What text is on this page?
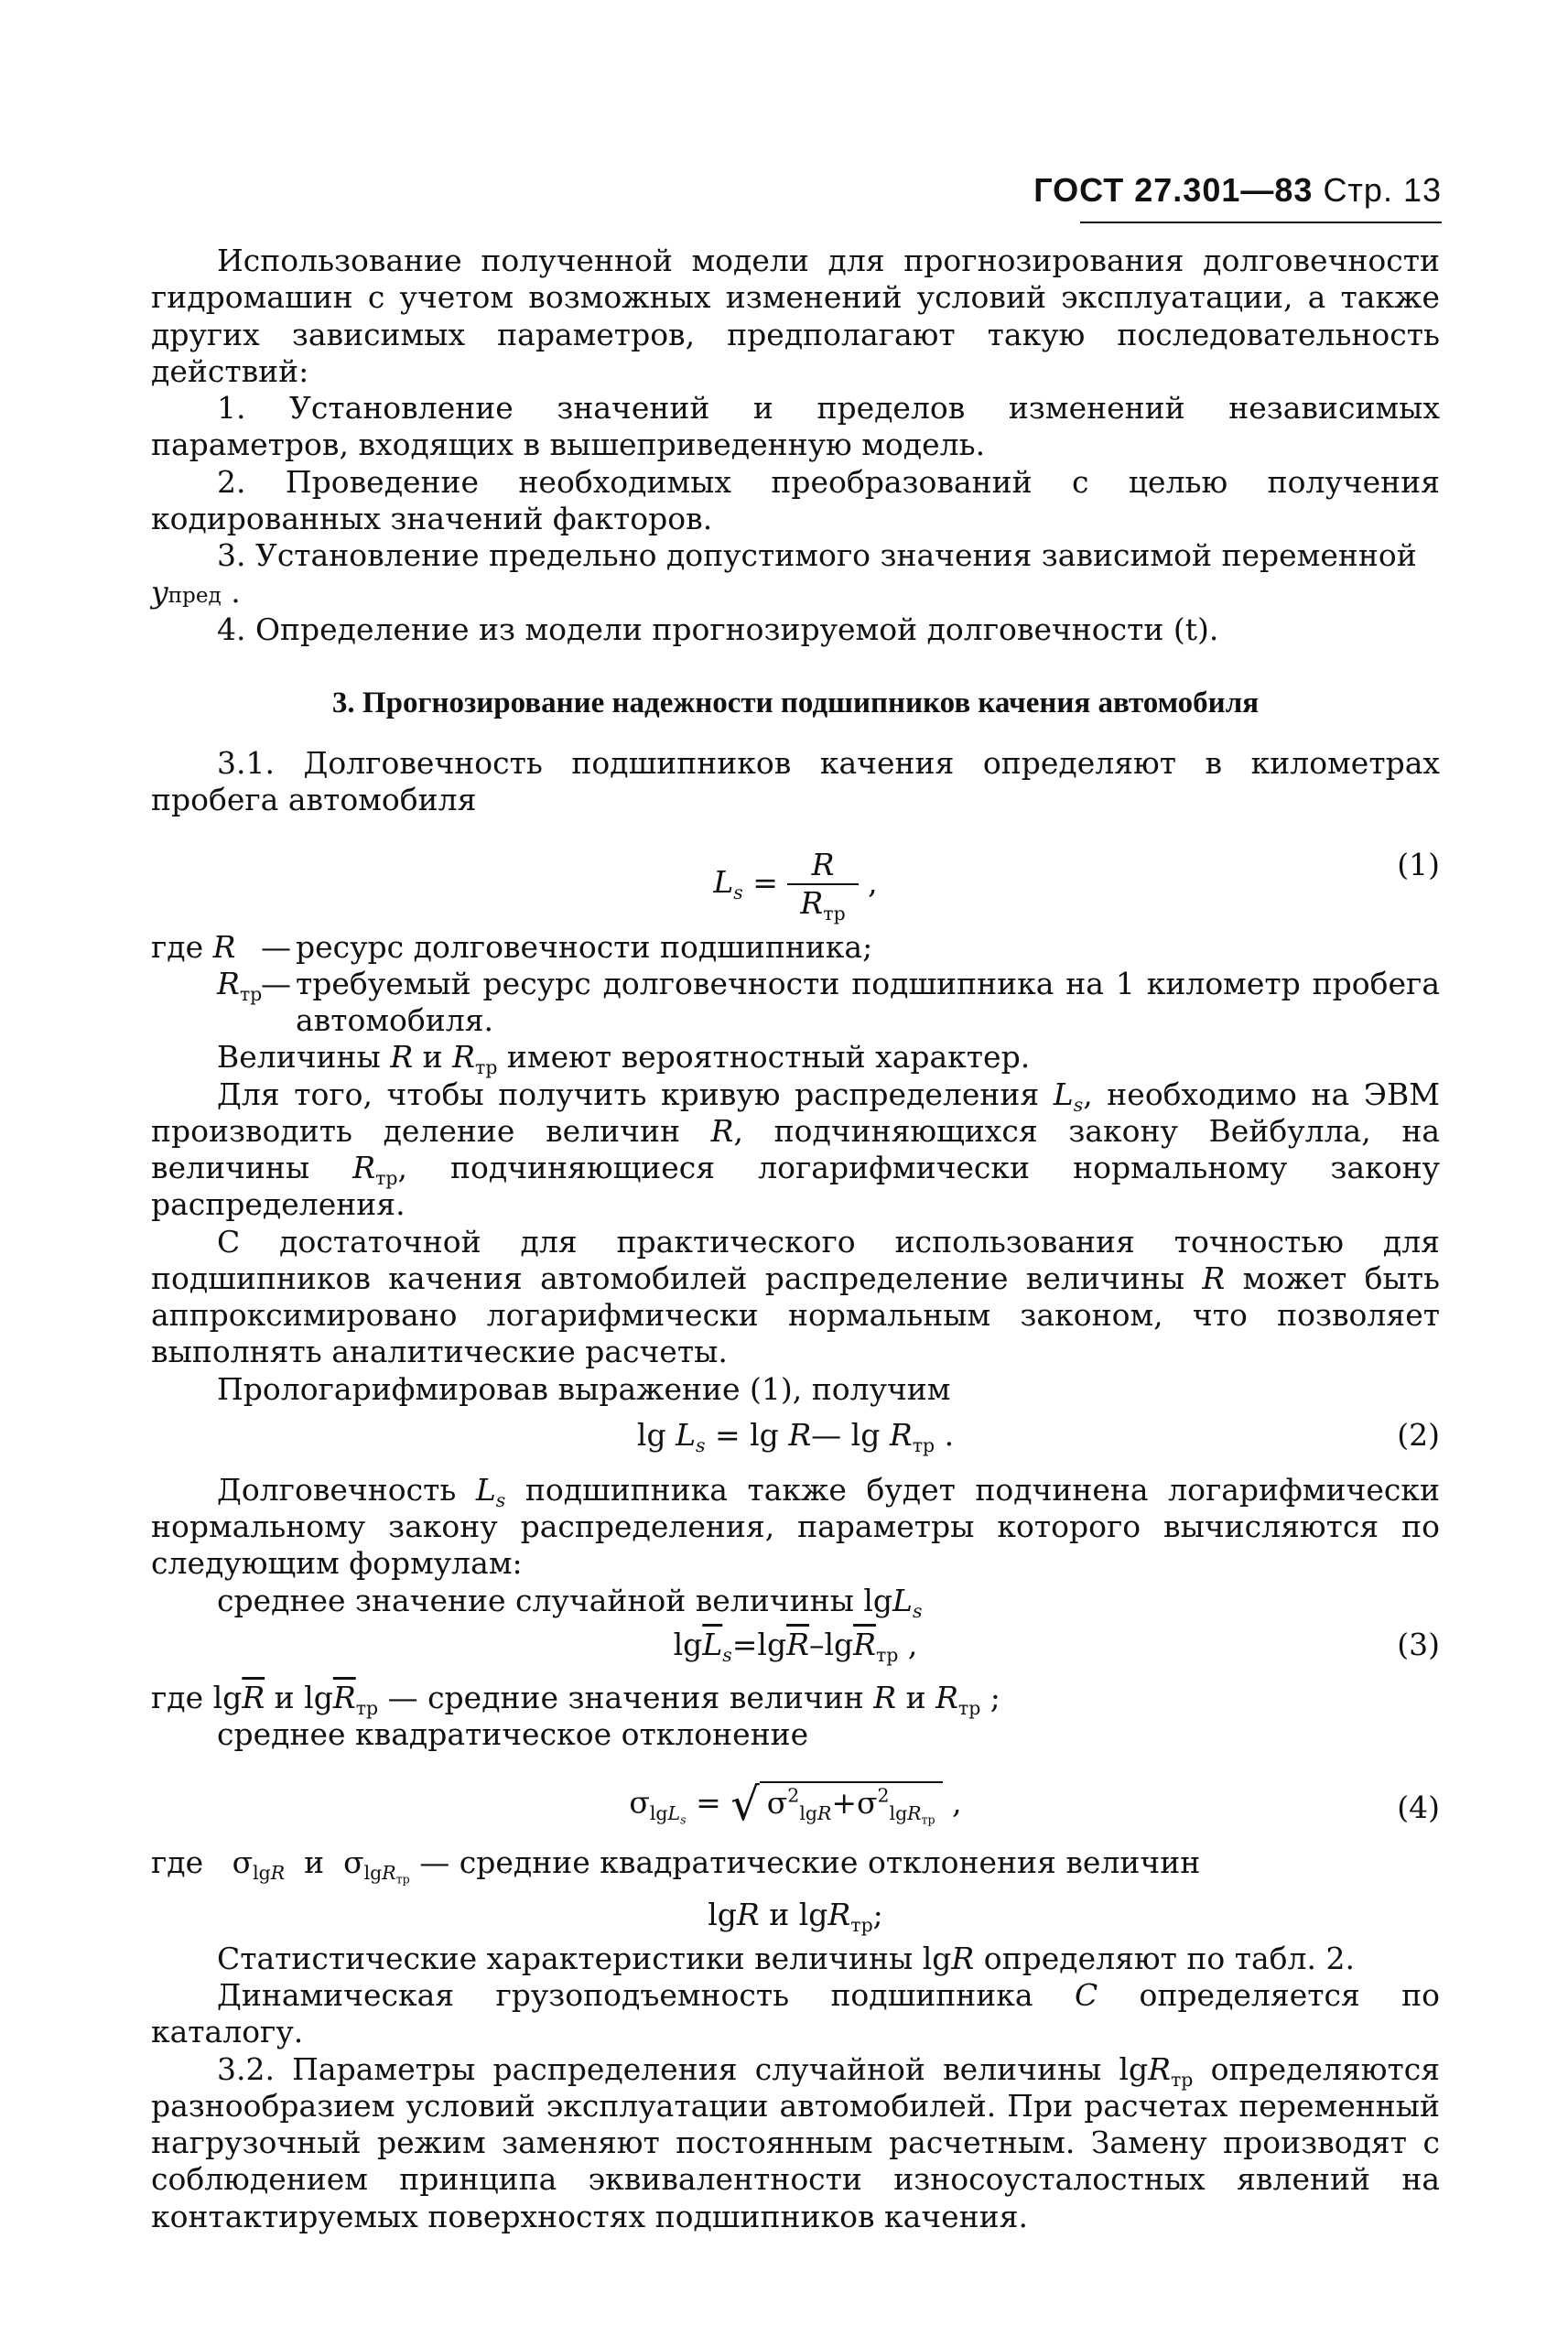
ГОСТ 27.301—83 Стр. 13

Использование полученной модели для прогнозирования долговечности гидромашин с учетом возможных изменений условий эксплуатации, а также других зависимых параметров, предполагают такую последовательность действий:

1. Установление значений и пределов изменений независимых параметров, входящих в вышеприведенную модель.

2. Проведение необходимых преобразований с целью получения кодированных значений факторов.

3. Установление предельно допустимого значения зависимой переменной

yпред .

4. Определение из модели прогнозируемой долговечности (t).

3. Прогнозирование надежности подшипников качения автомобиля

3.1. Долговечность подшипников качения определяют в километрах пробега автомобиля

$L_s = \frac{R}{R_{тр}}$ ,	(1)
где R — ресурс долговечности подшипника;
$R_{тр}$
— требуемый ресурс долговечности подшипника на 1 километр пробега автомобиля.

Величины R и $R_{тр}$ имеют вероятностный характер.

Для того, чтобы получить кривую распределения $L_s$, необходимо на ЭВМ производить деление величин R, подчиняющихся закону Вейбулла, на величины $R_{тр}$, подчиняющиеся логарифмически нормальному закону распределения.

С достаточной для практического использования точностью для подшипников качения автомобилей распределение величины R может быть аппроксимировано логарифмически нормальным законом, что позволяет выполнять аналитические расчеты.

Прологарифмировав выражение (1), получим

$\lg L_s = \lg$ R— $\lg R_{тр}$ .	(2)

Долговечность $L_s$ подшипника также будет подчинена логарифмически нормальному закону распределения, параметры которого вычисляются по следующим формулам:

среднее значение случайной величины lgL$_s$

$\lg\overline{L}_s=\lg\overline{R}-\lg\overline{R}_{тр}$ ,	(3)

где $\lg\overline{R} и$ $\lg\overline{R}_{тр}$ — средние значения величин R и $R_{тр}$ ;

среднее квадратическое отклонение

$\sigma_{lgL_s}$ = √ $\sigma^2_{lgR}+\sigma^2_{lgR_{тр}}$ ,	(4)

где   $\sigma_{lgR}$  и  $\sigma_{lgR_{тр}}$ — средние квадратические отклонения величин

lgR и lgR$_{тр}$;

Статистические характеристики величины lgR определяют по табл. 2.

Динамическая грузоподъемность подшипника C определяется по каталогу.

3.2. Параметры распределения случайной величины lgR$_{тр}$ определяются разнообразием условий эксплуатации автомобилей. При расчетах переменный нагрузочный режим заменяют постоянным расчетным. Замену производят с соблюдением принципа эквивалентности износоусталостных явлений на контактируемых поверхностях подшипников качения.
